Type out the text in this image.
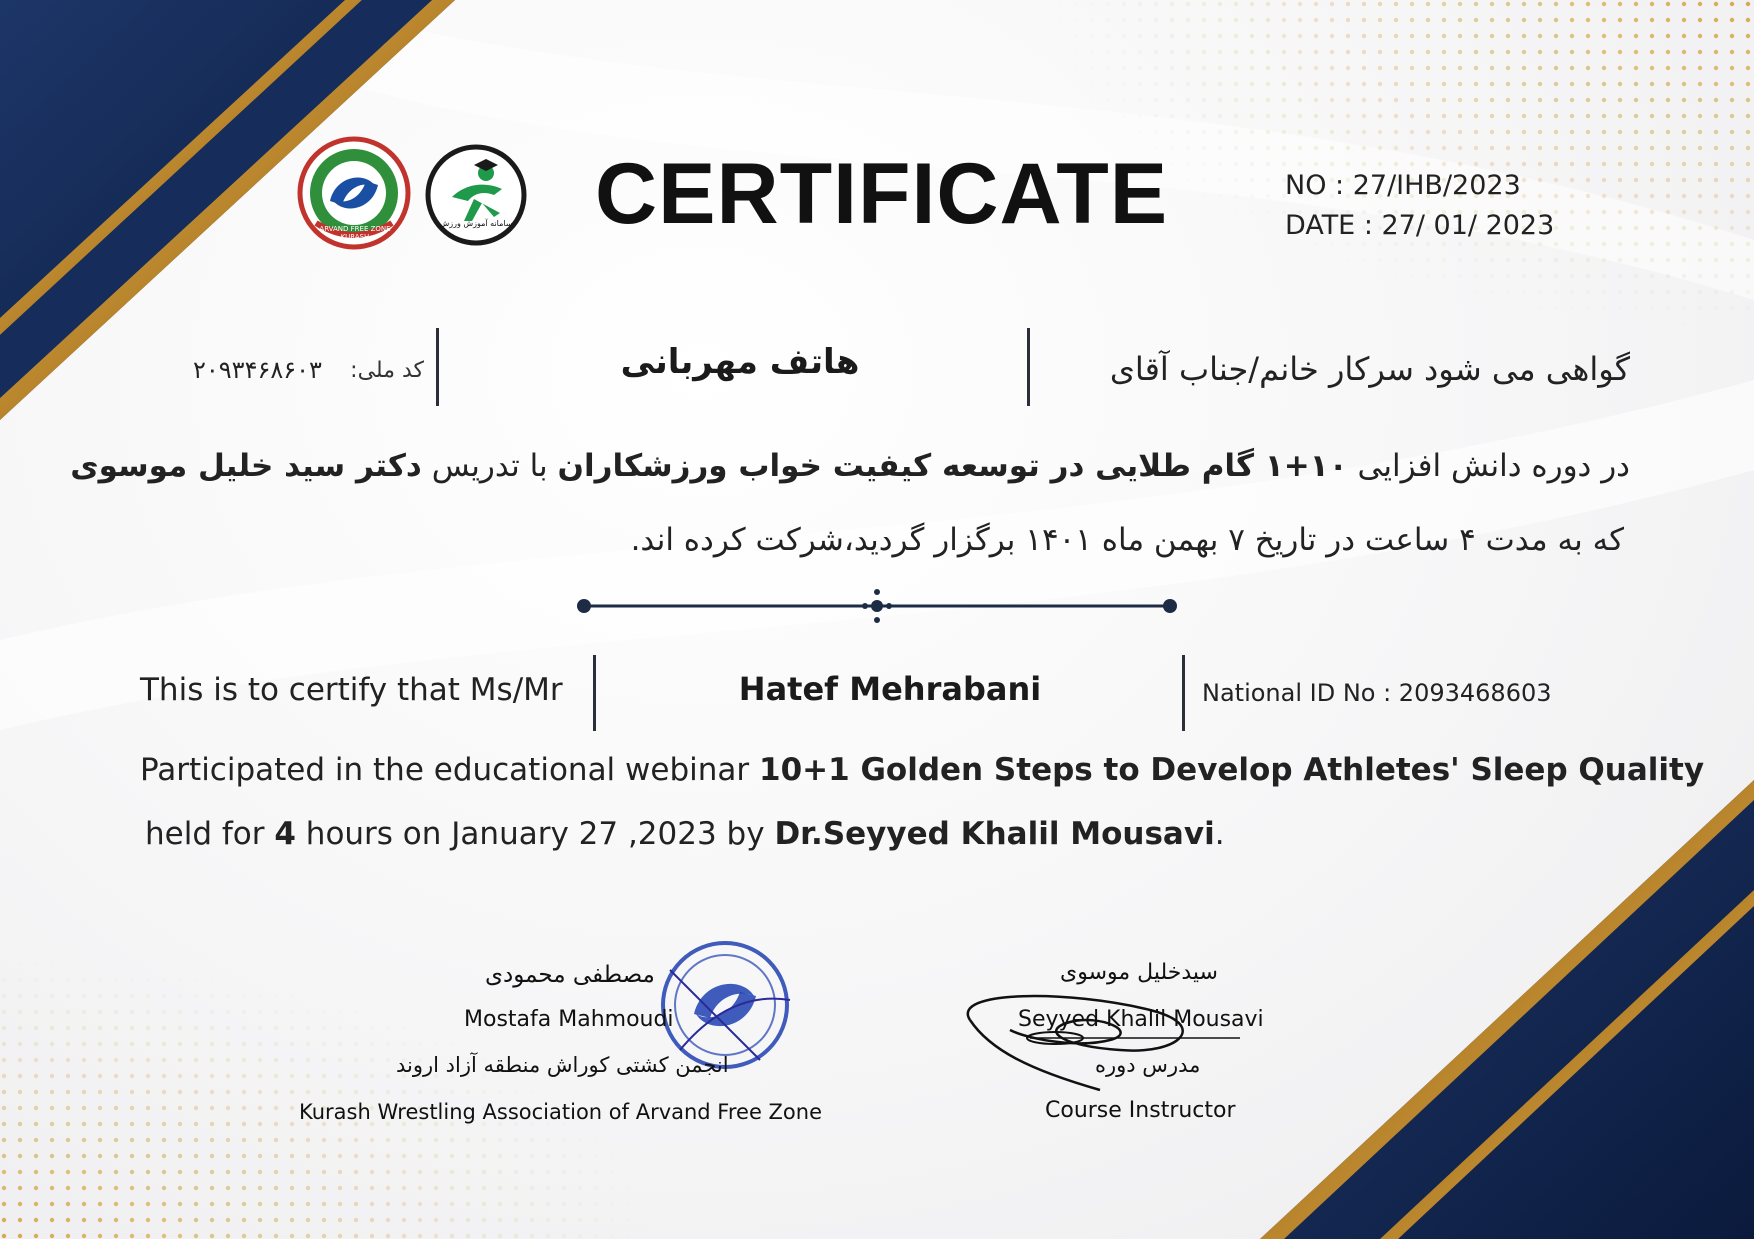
ARVAND FREE ZONE KURASH
سامانه آموزش ورزش CERTIFICATE	NO : 27/IHB/2023
DATE : 27/ 01/ 2023
گواهی می شود سرکار خانم/جناب آقای
هاتف مهربانی
کد ملی:
۲۰۹۳۴۶۸۶۰۳
در دوره دانش افزایی ۱۰+۱ گام طلایی در توسعه کیفیت خواب ورزشکاران با تدریس دکتر سید خلیل موسوی
که به مدت ۴ ساعت در تاریخ ۷ بهمن ماه ۱۴۰۱ برگزار گردید،شرکت کرده اند.
This is to certify that Ms/Mr	Hatef Mehrabani	National ID No : 2093468603
Participated in the educational webinar 10+1 Golden Steps to Develop Athletes' Sleep Quality
held for 4 hours on January 27 ,2023 by Dr.Seyyed Khalil Mousavi.
مصطفی محمودی
Mostafa Mahmoudi
انجمن کشتی کوراش منطقه آزاد اروند
Kurash Wrestling Association of Arvand Free Zone
سیدخلیل موسوی
Seyyed Khalil Mousavi
مدرس دوره
Course Instructor
